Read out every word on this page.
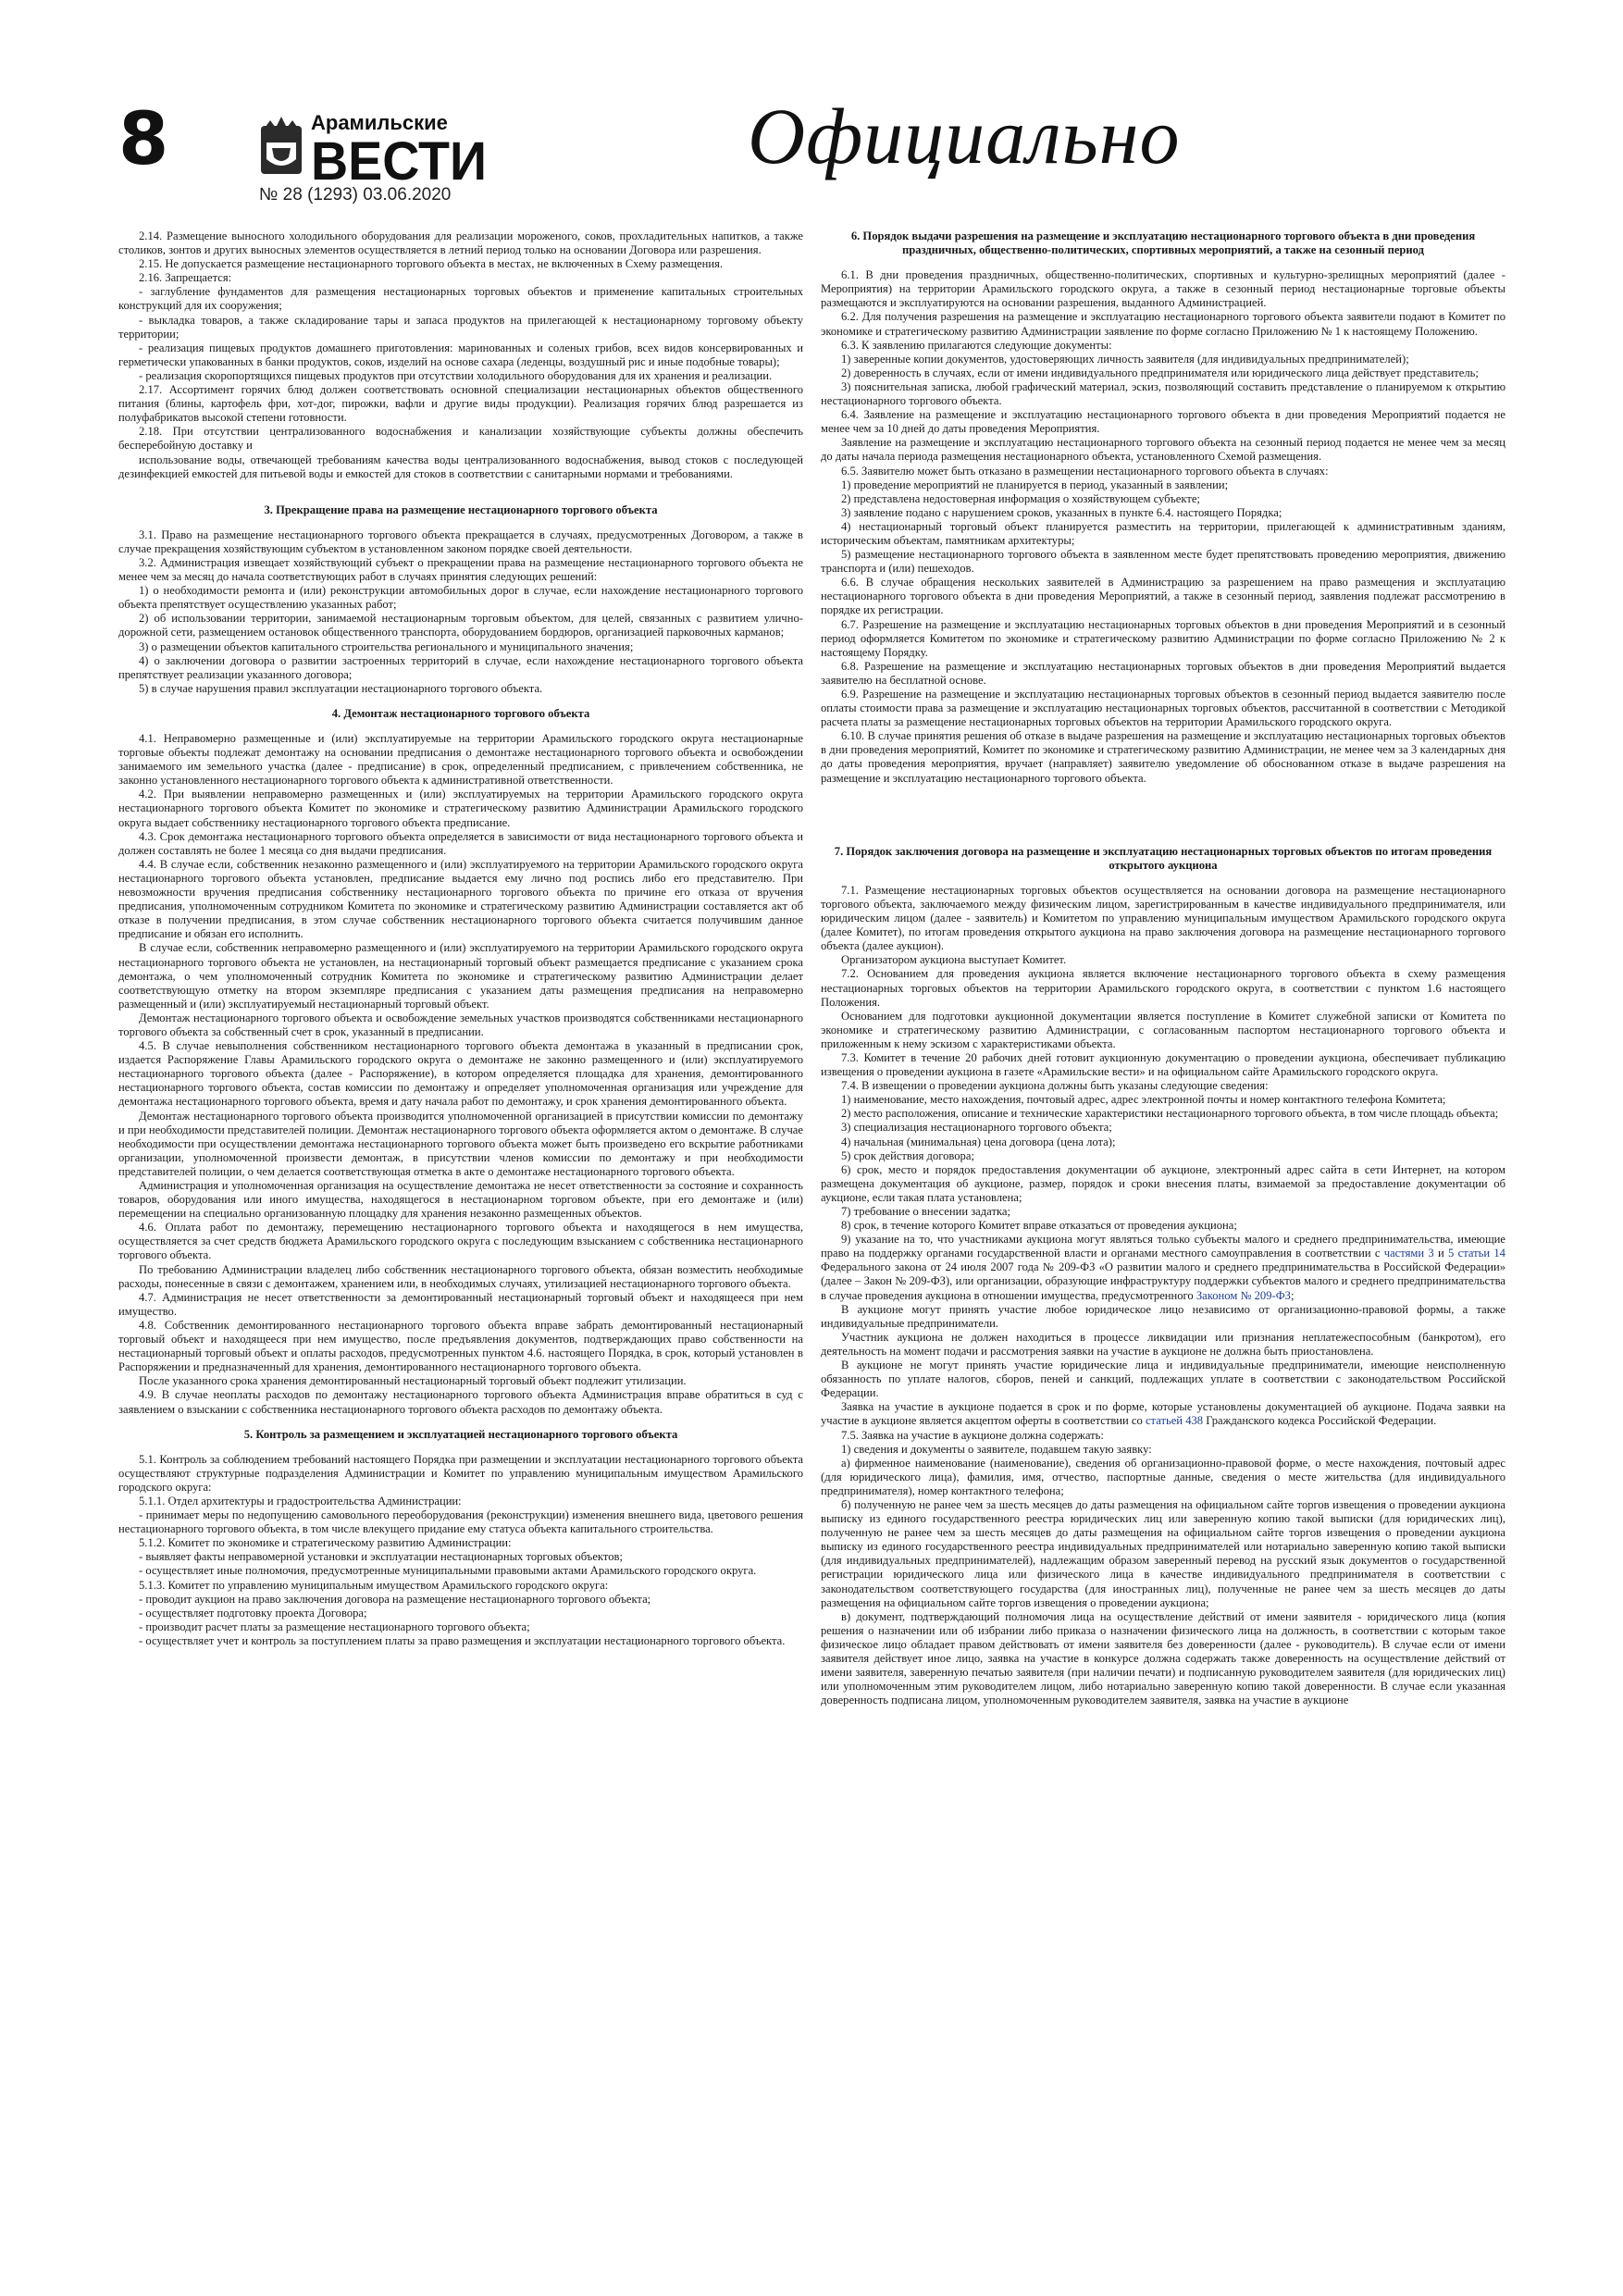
8	Арамильские
ВЕСТИ
№ 28 (1293) 03.06.2020
Официально

2.14. Размещение выносного холодильного оборудования для реализации мороженого, соков, прохладительных напитков, а также столиков, зонтов и других выносных элементов осуществляется в летний период только на основании Договора или разрешения.

2.15. Не допускается размещение нестационарного торгового объекта в местах, не включенных в Схему размещения.

2.16. Запрещается:

- заглубление фундаментов для размещения нестационарных торговых объектов и применение капитальных строительных конструкций для их сооружения;

- выкладка товаров, а также складирование тары и запаса продуктов на прилегающей к нестационарному торговому объекту территории;

- реализация пищевых продуктов домашнего приготовления: маринованных и соленых грибов, всех видов консервированных и герметически упакованных в банки продуктов, соков, изделий на основе сахара (леденцы, воздушный рис и иные подобные товары);

- реализация скоропортящихся пищевых продуктов при отсутствии холодильного оборудования для их хранения и реализации.

2.17. Ассортимент горячих блюд должен соответствовать основной специализации нестационарных объектов общественного питания (блины, картофель фри, хот-дог, пирожки, вафли и другие виды продукции). Реализация горячих блюд разрешается из полуфабрикатов высокой степени готовности.

2.18. При отсутствии централизованного водоснабжения и канализации хозяйствующие субъекты должны обеспечить бесперебойную доставку и

использование воды, отвечающей требованиям качества воды централизованного водоснабжения, вывод стоков с последующей дезинфекцией емкостей для питьевой воды и емкостей для стоков в соответствии с санитарными нормами и требованиями.

3. Прекращение права на размещение нестационарного торгового объекта

3.1. Право на размещение нестационарного торгового объекта прекращается в случаях, предусмотренных Договором, а также в случае прекращения хозяйствующим субъектом в установленном законом порядке своей деятельности.

3.2. Администрация извещает хозяйствующий субъект о прекращении права на размещение нестационарного торгового объекта не менее чем за месяц до начала соответствующих работ в случаях принятия следующих решений:

1) о необходимости ремонта и (или) реконструкции автомобильных дорог в случае, если нахождение нестационарного торгового объекта препятствует осуществлению указанных работ;

2) об использовании территории, занимаемой нестационарным торговым объектом, для целей, связанных с развитием улично-дорожной сети, размещением остановок общественного транспорта, оборудованием бордюров, организацией парковочных карманов;

3) о размещении объектов капитального строительства регионального и муниципального значения;

4) о заключении договора о развитии застроенных территорий в случае, если нахождение нестационарного торгового объекта препятствует реализации указанного договора;

5) в случае нарушения правил эксплуатации нестационарного торгового объекта.

4. Демонтаж нестационарного торгового объекта

4.1. Неправомерно размещенные и (или) эксплуатируемые на территории Арамильского городского округа нестационарные торговые объекты подлежат демонтажу на основании предписания о демонтаже нестационарного торгового объекта и освобождении занимаемого им земельного участка (далее - предписание) в срок, определенный предписанием, с привлечением собственника, не законно установленного нестационарного торгового объекта к административной ответственности.

4.2. При выявлении неправомерно размещенных и (или) эксплуатируемых на территории Арамильского городского округа нестационарного торгового объекта Комитет по экономике и стратегическому развитию Администрации Арамильского городского округа выдает собственнику нестационарного торгового объекта предписание.

4.3. Срок демонтажа нестационарного торгового объекта определяется в зависимости от вида нестационарного торгового объекта и должен составлять не более 1 месяца со дня выдачи предписания.

4.4. В случае если, собственник незаконно размещенного и (или) эксплуатируемого на территории Арамильского городского округа нестационарного торгового объекта установлен, предписание выдается ему лично под роспись либо его представителю. При невозможности вручения предписания собственнику нестационарного торгового объекта по причине его отказа от вручения предписания, уполномоченным сотрудником Комитета по экономике и стратегическому развитию Администрации составляется акт об отказе в получении предписания, в этом случае собственник нестационарного торгового объекта считается получившим данное предписание и обязан его исполнить.

В случае если, собственник неправомерно размещенного и (или) эксплуатируемого на территории Арамильского городского округа нестационарного торгового объекта не установлен, на нестационарный торговый объект размещается предписание с указанием срока демонтажа, о чем уполномоченный сотрудник Комитета по экономике и стратегическому развитию Администрации делает соответствующую отметку на втором экземпляре предписания с указанием даты размещения предписания на неправомерно размещенный и (или) эксплуатируемый нестационарный торговый объект.

Демонтаж нестационарного торгового объекта и освобождение земельных участков производятся собственниками нестационарного торгового объекта за собственный счет в срок, указанный в предписании.

4.5. В случае невыполнения собственником нестационарного торгового объекта демонтажа в указанный в предписании срок, издается Распоряжение Главы Арамильского городского округа о демонтаже не законно размещенного и (или) эксплуатируемого нестационарного торгового объекта (далее - Распоряжение), в котором определяется площадка для хранения, демонтированного нестационарного торгового объекта, состав комиссии по демонтажу и определяет уполномоченная организация или учреждение для демонтажа нестационарного торгового объекта, время и дату начала работ по демонтажу, и срок хранения демонтированного объекта.

Демонтаж нестационарного торгового объекта производится уполномоченной организацией в присутствии комиссии по демонтажу и при необходимости представителей полиции. Демонтаж нестационарного торгового объекта оформляется актом о демонтаже. В случае необходимости при осуществлении демонтажа нестационарного торгового объекта может быть произведено его вскрытие работниками организации, уполномоченной произвести демонтаж, в присутствии членов комиссии по демонтажу и при необходимости представителей полиции, о чем делается соответствующая отметка в акте о демонтаже нестационарного торгового объекта.

Администрация и уполномоченная организация на осуществление демонтажа не несет ответственности за состояние и сохранность товаров, оборудования или иного имущества, находящегося в нестационарном торговом объекте, при его демонтаже и (или) перемещении на специально организованную площадку для хранения незаконно размещенных объектов.

4.6. Оплата работ по демонтажу, перемещению нестационарного торгового объекта и находящегося в нем имущества, осуществляется за счет средств бюджета Арамильского городского округа с последующим взысканием с собственника нестационарного торгового объекта.

По требованию Администрации владелец либо собственник нестационарного торгового объекта, обязан возместить необходимые расходы, понесенные в связи с демонтажем, хранением или, в необходимых случаях, утилизацией нестационарного торгового объекта.

4.7. Администрация не несет ответственности за демонтированный нестационарный торговый объект и находящееся при нем имущество.

4.8. Собственник демонтированного нестационарного торгового объекта вправе забрать демонтированный нестационарный торговый объект и находящееся при нем имущество, после предъявления документов, подтверждающих право собственности на нестационарный торговый объект и оплаты расходов, предусмотренных пунктом 4.6. настоящего Порядка, в срок, который установлен в Распоряжении и предназначенный для хранения, демонтированного нестационарного торгового объекта.

После указанного срока хранения демонтированный нестационарный торговый объект подлежит утилизации.

4.9. В случае неоплаты расходов по демонтажу нестационарного торгового объекта Администрация вправе обратиться в суд с заявлением о взыскании с собственника нестационарного торгового объекта расходов по демонтажу объекта.

5. Контроль за размещением и эксплуатацией нестационарного торгового объекта

5.1. Контроль за соблюдением требований настоящего Порядка при размещении и эксплуатации нестационарного торгового объекта осуществляют структурные подразделения Администрации и Комитет по управлению муниципальным имуществом Арамильского городского округа:

5.1.1. Отдел архитектуры и градостроительства Администрации:

- принимает меры по недопущению самовольного переоборудования (реконструкции) изменения внешнего вида, цветового решения нестационарного торгового объекта, в том числе влекущего придание ему статуса объекта капитального строительства.

5.1.2. Комитет по экономике и стратегическому развитию Администрации:

- выявляет факты неправомерной установки и эксплуатации нестационарных торговых объектов;

- осуществляет иные полномочия, предусмотренные муниципальными правовыми актами Арамильского городского округа.

5.1.3. Комитет по управлению муниципальным имуществом Арамильского городского округа:

- проводит аукцион на право заключения договора на размещение нестационарного торгового объекта;

- осуществляет подготовку проекта Договора;

- производит расчет платы за размещение нестационарного торгового объекта;

- осуществляет учет и контроль за поступлением платы за право размещения и эксплуатации нестационарного торгового объекта.

6. Порядок выдачи разрешения на размещение и эксплуатацию нестационарного торгового объекта в дни проведения праздничных, общественно-политических, спортивных мероприятий, а также на сезонный период

6.1. В дни проведения праздничных, общественно-политических, спортивных и культурно-зрелищных мероприятий (далее - Мероприятия) на территории Арамильского городского округа, а также в сезонный период нестационарные торговые объекты размещаются и эксплуатируются на основании разрешения, выданного Администрацией.

6.2. Для получения разрешения на размещение и эксплуатацию нестационарного торгового объекта заявители подают в Комитет по экономике и стратегическому развитию Администрации заявление по форме согласно Приложению № 1 к настоящему Положению.

6.3. К заявлению прилагаются следующие документы:

1) заверенные копии документов, удостоверяющих личность заявителя (для индивидуальных предпринимателей);

2) доверенность в случаях, если от имени индивидуального предпринимателя или юридического лица действует представитель;

3) пояснительная записка, любой графический материал, эскиз, позволяющий составить представление о планируемом к открытию нестационарного торгового объекта.

6.4. Заявление на размещение и эксплуатацию нестационарного торгового объекта в дни проведения Мероприятий подается не менее чем за 10 дней до даты проведения Мероприятия.

Заявление на размещение и эксплуатацию нестационарного торгового объекта на сезонный период подается не менее чем за месяц до даты начала периода размещения нестационарного объекта, установленного Схемой размещения.

6.5. Заявителю может быть отказано в размещении нестационарного торгового объекта в случаях:

1) проведение мероприятий не планируется в период, указанный в заявлении;

2) представлена недостоверная информация о хозяйствующем субъекте;

3) заявление подано с нарушением сроков, указанных в пункте 6.4. настоящего Порядка;

4) нестационарный торговый объект планируется разместить на территории, прилегающей к административным зданиям, историческим объектам, памятникам архитектуры;

5) размещение нестационарного торгового объекта в заявленном месте будет препятствовать проведению мероприятия, движению транспорта и (или) пешеходов.

6.6. В случае обращения нескольких заявителей в Администрацию за разрешением на право размещения и эксплуатацию нестационарного торгового объекта в дни проведения Мероприятий, а также в сезонный период, заявления подлежат рассмотрению в порядке их регистрации.

6.7. Разрешение на размещение и эксплуатацию нестационарных торговых объектов в дни проведения Мероприятий и в сезонный период оформляется Комитетом по экономике и стратегическому развитию Администрации по форме согласно Приложению № 2 к настоящему Порядку.

6.8. Разрешение на размещение и эксплуатацию нестационарных торговых объектов в дни проведения Мероприятий выдается заявителю на бесплатной основе.

6.9. Разрешение на размещение и эксплуатацию нестационарных торговых объектов в сезонный период выдается заявителю после оплаты стоимости права за размещение и эксплуатацию нестационарных торговых объектов, рассчитанной в соответствии с Методикой расчета платы за размещение нестационарных торговых объектов на территории Арамильского городского округа.

6.10. В случае принятия решения об отказе в выдаче разрешения на размещение и эксплуатацию нестационарных торговых объектов в дни проведения мероприятий, Комитет по экономике и стратегическому развитию Администрации, не менее чем за 3 календарных дня до даты проведения мероприятия, вручает (направляет) заявителю уведомление об обоснованном отказе в выдаче разрешения на размещение и эксплуатацию нестационарного торгового объекта.

7. Порядок заключения договора на размещение и эксплуатацию нестационарных торговых объектов по итогам проведения открытого аукциона

7.1. Размещение нестационарных торговых объектов осуществляется на основании договора на размещение нестационарного торгового объекта, заключаемого между физическим лицом, зарегистрированным в качестве индивидуального предпринимателя, или юридическим лицом (далее - заявитель) и Комитетом по управлению муниципальным имуществом Арамильского городского округа (далее Комитет), по итогам проведения открытого аукциона на право заключения договора на размещение нестационарного торгового объекта (далее аукцион).

Организатором аукциона выступает Комитет.

7.2. Основанием для проведения аукциона является включение нестационарного торгового объекта в схему размещения нестационарных торговых объектов на территории Арамильского городского округа, в соответствии с пунктом 1.6 настоящего Положения.

Основанием для подготовки аукционной документации является поступление в Комитет служебной записки от Комитета по экономике и стратегическому развитию Администрации, с согласованным паспортом нестационарного торгового объекта и приложенным к нему эскизом с характеристиками объекта.

7.3. Комитет в течение 20 рабочих дней готовит аукционную документацию о проведении аукциона, обеспечивает публикацию извещения о проведении аукциона в газете «Арамильские вести» и на официальном сайте Арамильского городского округа.

7.4. В извещении о проведении аукциона должны быть указаны следующие сведения:

1) наименование, место нахождения, почтовый адрес, адрес электронной почты и номер контактного телефона Комитета;

2) место расположения, описание и технические характеристики нестационарного торгового объекта, в том числе площадь объекта;

3) специализация нестационарного торгового объекта;

4) начальная (минимальная) цена договора (цена лота);

5) срок действия договора;

6) срок, место и порядок предоставления документации об аукционе, электронный адрес сайта в сети Интернет, на котором размещена документация об аукционе, размер, порядок и сроки внесения платы, взимаемой за предоставление документации об аукционе, если такая плата установлена;

7) требование о внесении задатка;

8) срок, в течение которого Комитет вправе отказаться от проведения аукциона;

9) указание на то, что участниками аукциона могут являться только субъекты малого и среднего предпринимательства, имеющие право на поддержку органами государственной власти и органами местного самоуправления в соответствии с частями 3 и 5 статьи 14 Федерального закона от 24 июля 2007 года № 209-ФЗ «О развитии малого и среднего предпринимательства в Российской Федерации» (далее – Закон № 209-ФЗ), или организации, образующие инфраструктуру поддержки субъектов малого и среднего предпринимательства в случае проведения аукциона в отношении имущества, предусмотренного Законом № 209-ФЗ;

В аукционе могут принять участие любое юридическое лицо независимо от организационно-правовой формы, а также индивидуальные предприниматели.

Участник аукциона не должен находиться в процессе ликвидации или признания неплатежеспособным (банкротом), его деятельность на момент подачи и рассмотрения заявки на участие в аукционе не должна быть приостановлена.

В аукционе не могут принять участие юридические лица и индивидуальные предприниматели, имеющие неисполненную обязанность по уплате налогов, сборов, пеней и санкций, подлежащих уплате в соответствии с законодательством Российской Федерации.

Заявка на участие в аукционе подается в срок и по форме, которые установлены документацией об аукционе. Подача заявки на участие в аукционе является акцептом оферты в соответствии со статьей 438 Гражданского кодекса Российской Федерации.

7.5. Заявка на участие в аукционе должна содержать:

1) сведения и документы о заявителе, подавшем такую заявку:

а) фирменное наименование (наименование), сведения об организационно-правовой форме, о месте нахождения, почтовый адрес (для юридического лица), фамилия, имя, отчество, паспортные данные, сведения о месте жительства (для индивидуального предпринимателя), номер контактного телефона;

б) полученную не ранее чем за шесть месяцев до даты размещения на официальном сайте торгов извещения о проведении аукциона выписку из единого государственного реестра юридических лиц или заверенную копию такой выписки (для юридических лиц), полученную не ранее чем за шесть месяцев до даты размещения на официальном сайте торгов извещения о проведении аукциона выписку из единого государственного реестра индивидуальных предпринимателей или нотариально заверенную копию такой выписки (для индивидуальных предпринимателей), надлежащим образом заверенный перевод на русский язык документов о государственной регистрации юридического лица или физического лица в качестве индивидуального предпринимателя в соответствии с законодательством соответствующего государства (для иностранных лиц), полученные не ранее чем за шесть месяцев до даты размещения на официальном сайте торгов извещения о проведении аукциона;

в) документ, подтверждающий полномочия лица на осуществление действий от имени заявителя - юридического лица (копия решения о назначении или об избрании либо приказа о назначении физического лица на должность, в соответствии с которым такое физическое лицо обладает правом действовать от имени заявителя без доверенности (далее - руководитель). В случае если от имени заявителя действует иное лицо, заявка на участие в конкурсе должна содержать также доверенность на осуществление действий от имени заявителя, заверенную печатью заявителя (при наличии печати) и подписанную руководителем заявителя (для юридических лиц) или уполномоченным этим руководителем лицом, либо нотариально заверенную копию такой доверенности. В случае если указанная доверенность подписана лицом, уполномоченным руководителем заявителя, заявка на участие в аукционе
